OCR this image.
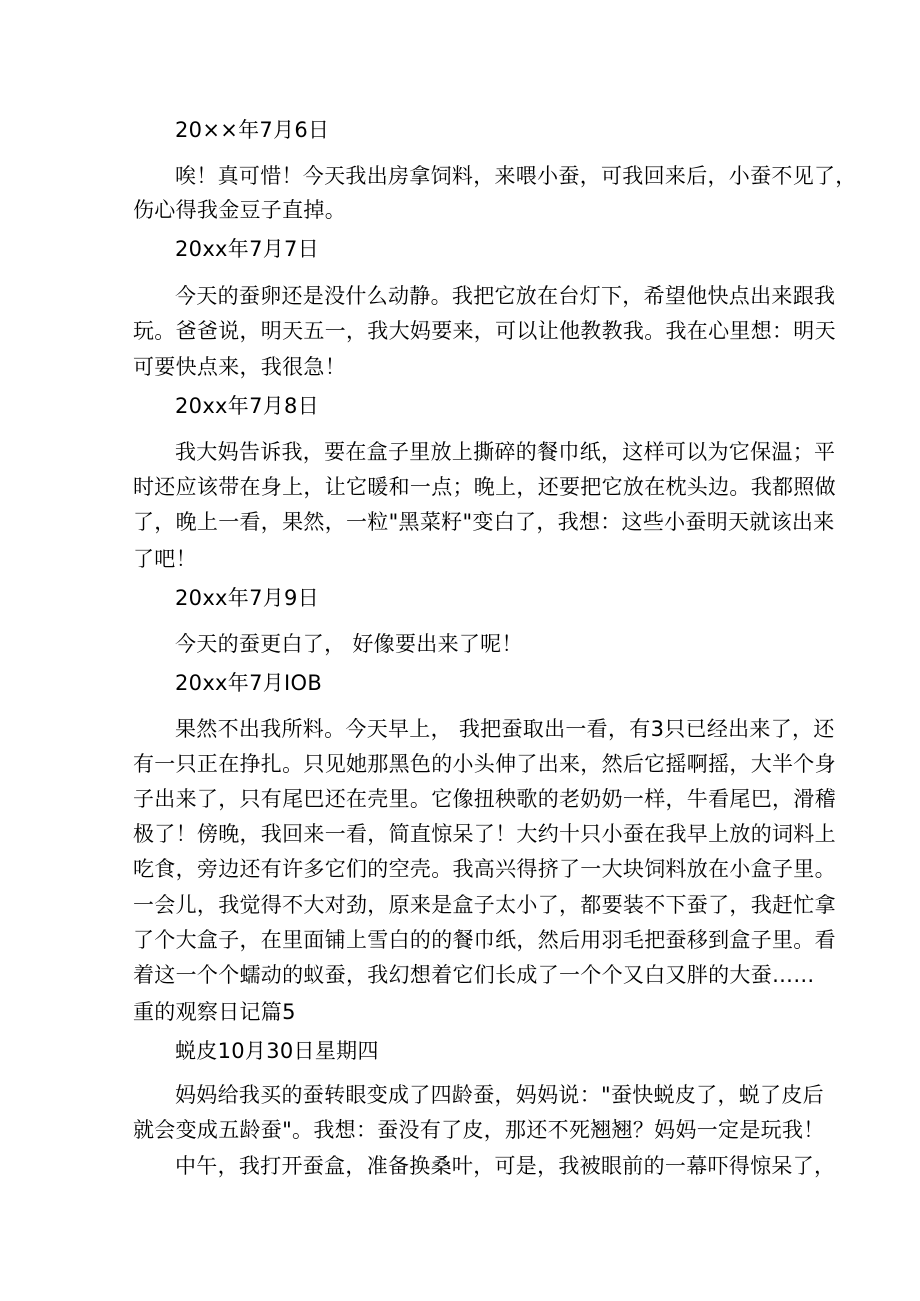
20××年7月6日
唉！真可惜！今天我出房拿饲料，来喂小蚕，可我回来后，小蚕不见了，
伤心得我金豆子直掉。
20xx年7月7日
今天的蚕卵还是没什么动静。我把它放在台灯下，希望他快点出来跟我
玩。爸爸说，明天五一，我大妈要来，可以让他教教我。我在心里想：明天
可要快点来，我很急！
20xx年7月8日
我大妈告诉我，要在盒子里放上撕碎的餐巾纸，这样可以为它保温；平
时还应该带在身上，让它暖和一点；晚上，还要把它放在枕头边。我都照做
了，晚上一看，果然，一粒"黑菜籽"变白了，我想：这些小蚕明天就该出来
了吧！
20xx年7月9日
今天的蚕更白了， 好像要出来了呢！
20xx年7月IOB
果然不出我所料。今天早上， 我把蚕取出一看，有3只已经出来了，还
有一只正在挣扎。只见她那黑色的小头伸了出来，然后它摇啊摇，大半个身
子出来了，只有尾巴还在壳里。它像扭秧歌的老奶奶一样，牛看尾巴，滑稽
极了！傍晚，我回来一看，简直惊呆了！大约十只小蚕在我早上放的词料上
吃食，旁边还有许多它们的空壳。我高兴得挤了一大块饲料放在小盒子里。
一会儿，我觉得不大对劲，原来是盒子太小了，都要装不下蚕了，我赶忙拿
了个大盒子，在里面铺上雪白的的餐巾纸，然后用羽毛把蚕移到盒子里。看
着这一个个蠕动的蚁蚕，我幻想着它们长成了一个个又白又胖的大蚕……
重的观察日记篇5
蜕皮10月30日星期四
妈妈给我买的蚕转眼变成了四龄蚕，妈妈说："蚕快蜕皮了，蜕了皮后
就会变成五龄蚕"。我想：蚕没有了皮，那还不死翘翘？妈妈一定是玩我！
中午，我打开蚕盒，准备换桑叶，可是，我被眼前的一幕吓得惊呆了，
